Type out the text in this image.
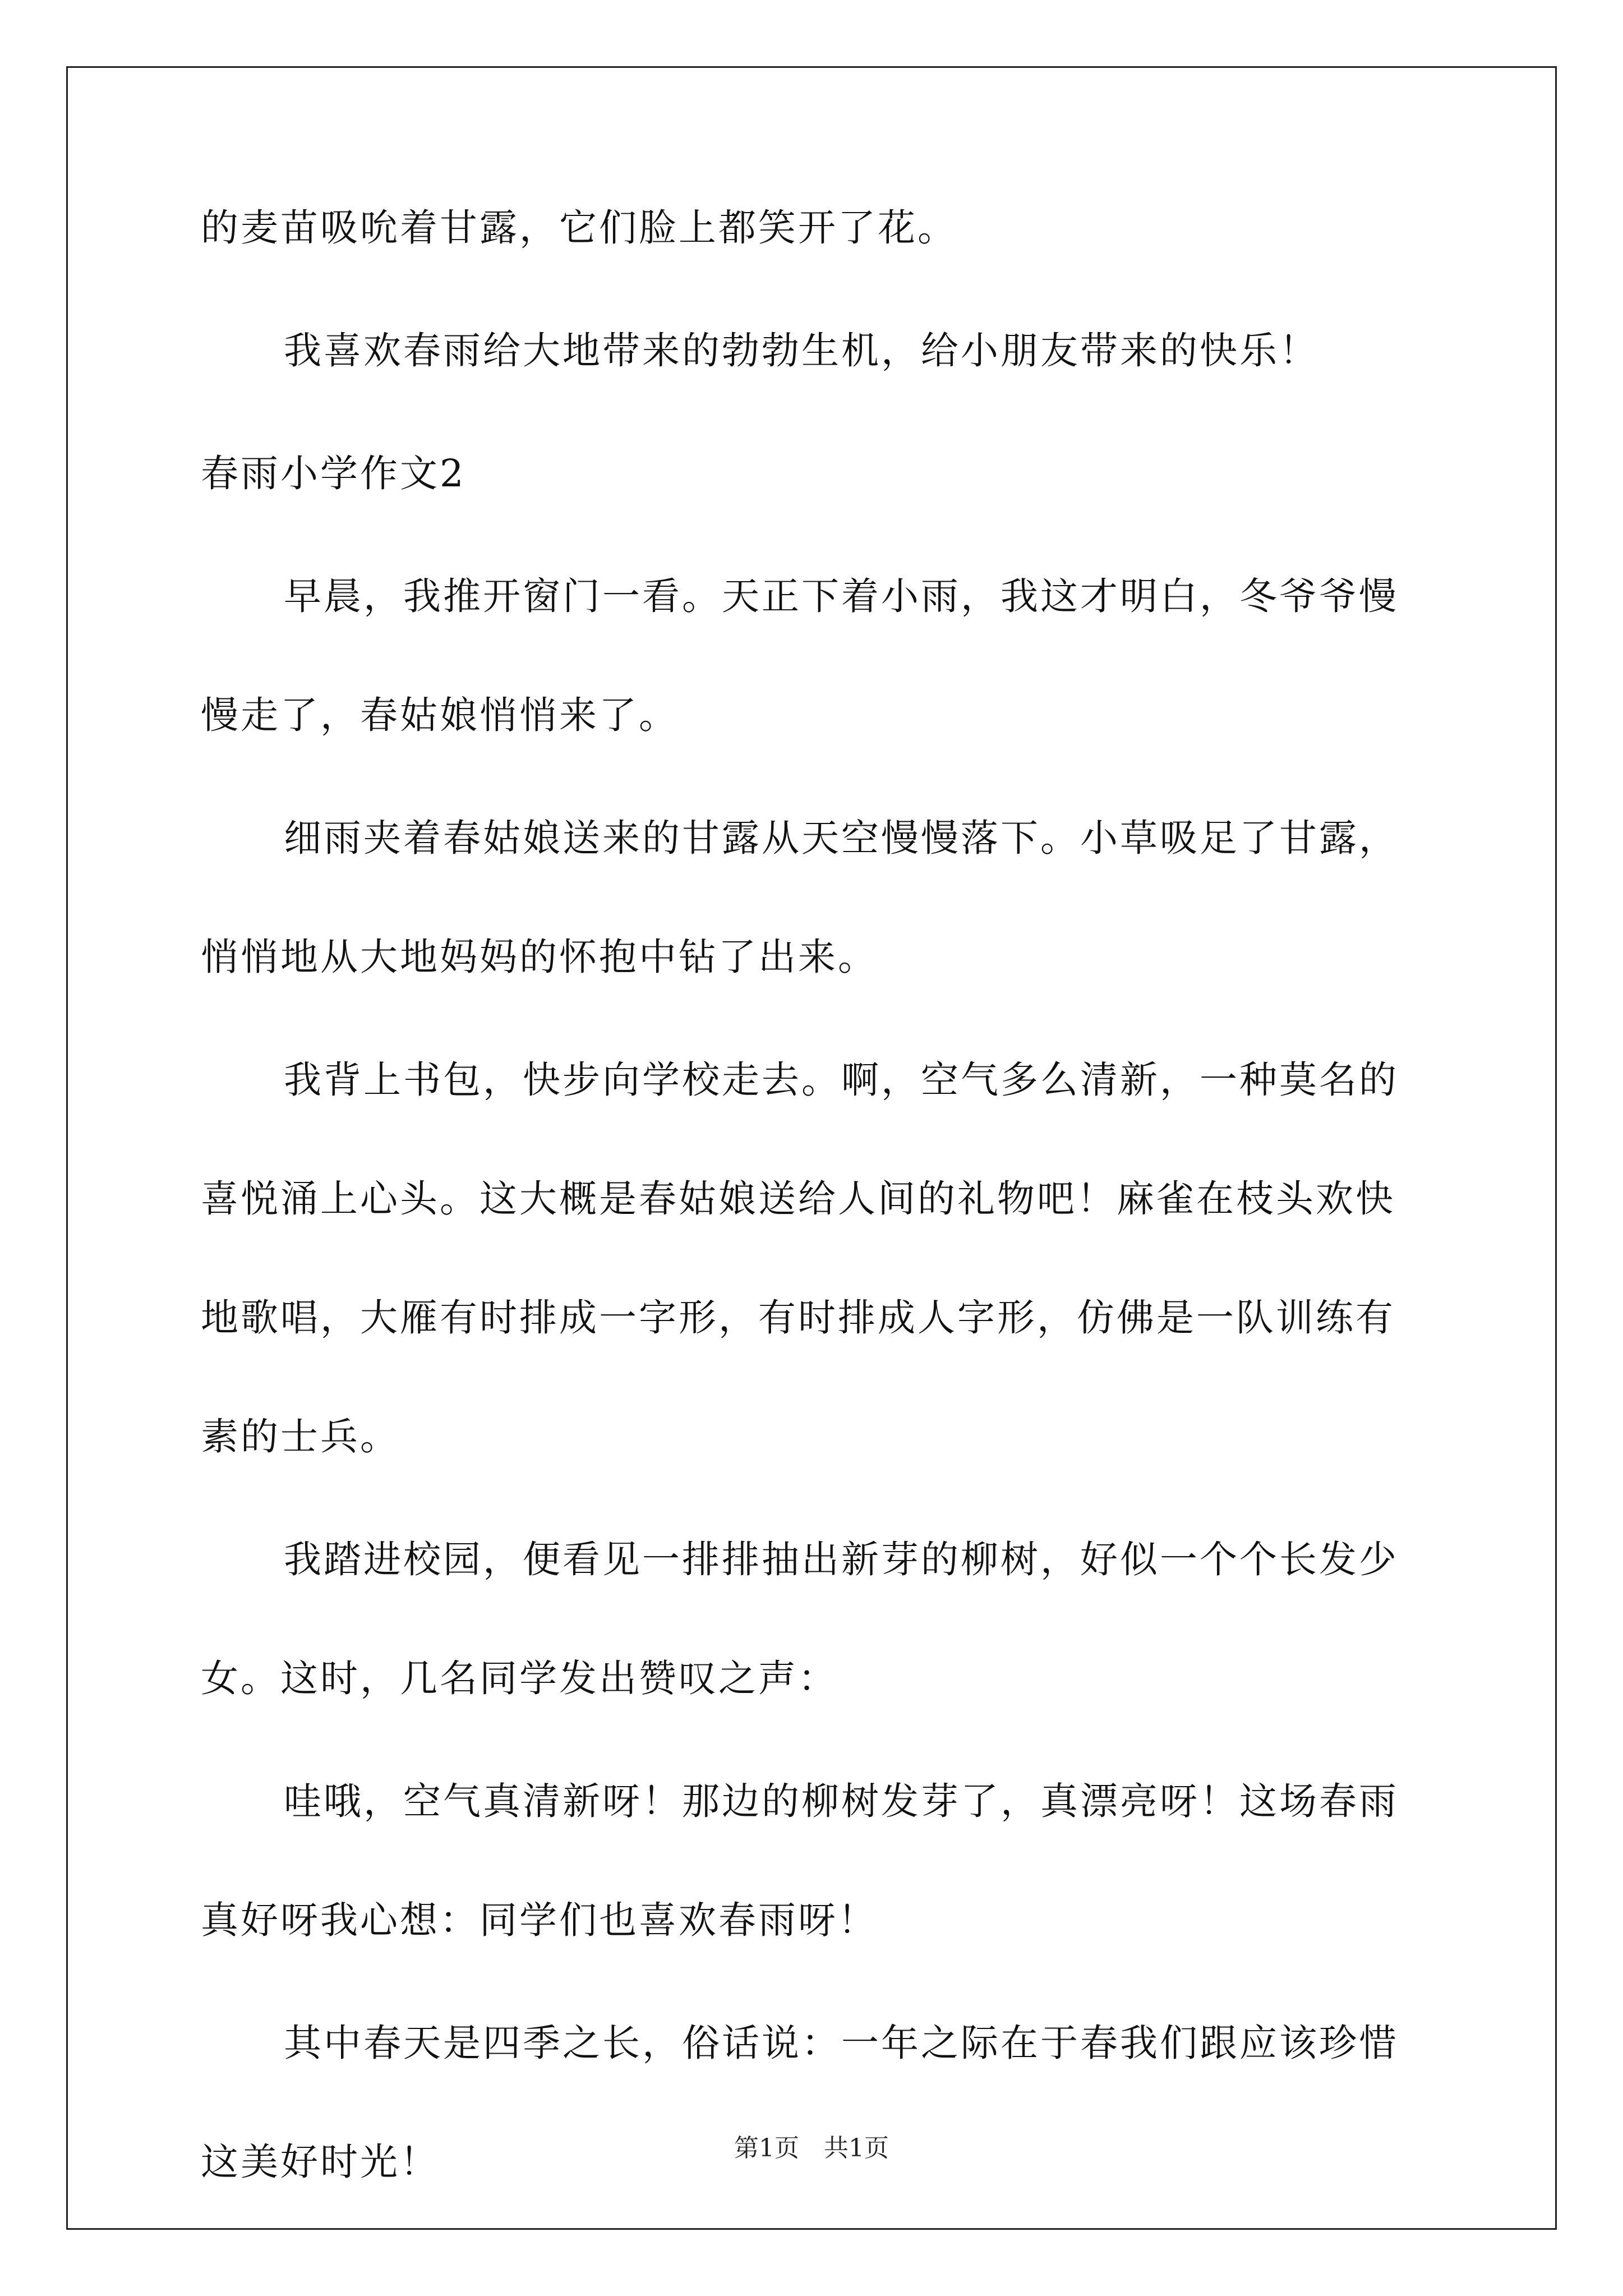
的麦苗吸吮着甘露，它们脸上都笑开了花。
我喜欢春雨给大地带来的勃勃生机，给小朋友带来的快乐！
春雨小学作文2
早晨，我推开窗门一看。天正下着小雨，我这才明白，冬爷爷慢
慢走了，春姑娘悄悄来了。
细雨夹着春姑娘送来的甘露从天空慢慢落下。小草吸足了甘露，
悄悄地从大地妈妈的怀抱中钻了出来。
我背上书包，快步向学校走去。啊，空气多么清新，一种莫名的
喜悦涌上心头。这大概是春姑娘送给人间的礼物吧！麻雀在枝头欢快
地歌唱，大雁有时排成一字形，有时排成人字形，仿佛是一队训练有
素的士兵。
我踏进校园，便看见一排排抽出新芽的柳树，好似一个个长发少
女。这时，几名同学发出赞叹之声：
哇哦，空气真清新呀！那边的柳树发芽了，真漂亮呀！这场春雨
真好呀我心想：同学们也喜欢春雨呀！
其中春天是四季之长，俗话说：一年之际在于春我们跟应该珍惜
这美好时光！	第1页　共1页
